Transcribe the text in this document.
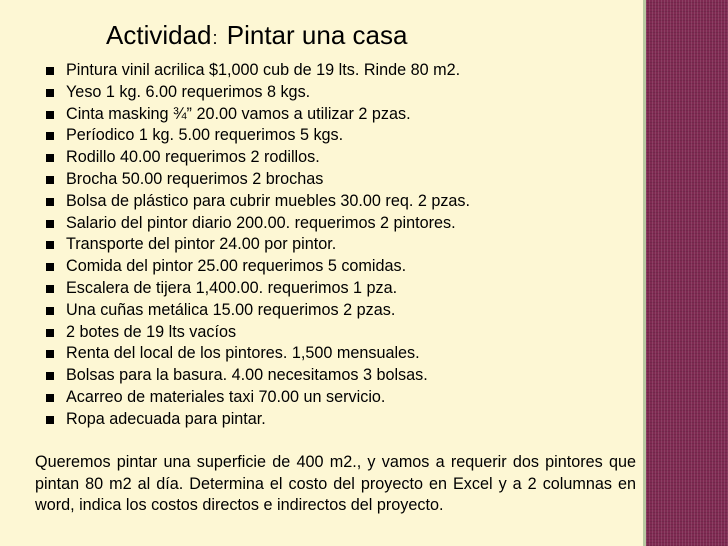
Actividad: Pintar una casa
Pintura vinil acrilica $1,000 cub de 19 lts. Rinde 80 m2.
Yeso 1 kg. 6.00 requerimos 8 kgs.
Cinta masking ¾” 20.00 vamos a utilizar 2 pzas.
Períodico 1 kg. 5.00 requerimos 5 kgs.
Rodillo 40.00 requerimos 2 rodillos.
Brocha 50.00 requerimos 2 brochas
Bolsa de plástico para cubrir muebles 30.00 req. 2 pzas.
Salario del pintor diario 200.00. requerimos 2 pintores.
Transporte del pintor 24.00 por pintor.
Comida del pintor 25.00 requerimos 5 comidas.
Escalera de tijera 1,400.00. requerimos 1 pza.
Una cuñas metálica 15.00 requerimos 2 pzas.
2 botes de 19 lts vacíos
Renta del local de los pintores. 1,500 mensuales.
Bolsas para la basura. 4.00 necesitamos 3 bolsas.
Acarreo de materiales taxi 70.00 un servicio.
Ropa adecuada para pintar.

Queremos pintar una superficie de 400 m2., y vamos a requerir dos pintores que pintan 80 m2 al día. Determina el costo del proyecto en Excel y a 2 columnas en word, indica los costos directos e indirectos del proyecto.
